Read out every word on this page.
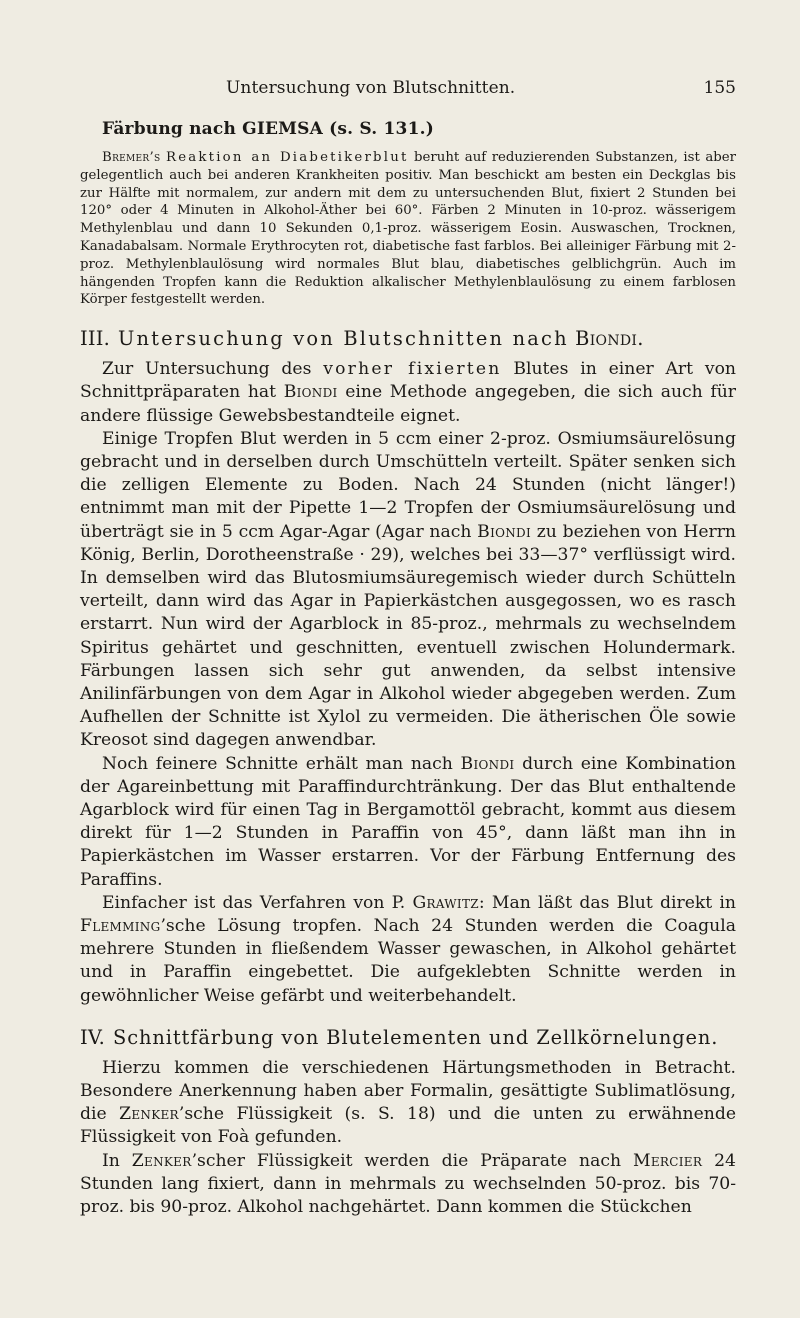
Untersuchung von Blutschnitten.	155
Färbung nach GIEMSA (s. S. 131.)

Bremer’s Reaktion an Diabetikerblut beruht auf reduzierenden Substanzen, ist aber gelegentlich auch bei anderen Krankheiten positiv. Man beschickt am besten ein Deckglas bis zur Hälfte mit normalem, zur andern mit dem zu untersuchenden Blut, fixiert 2 Stunden bei 120° oder 4 Minuten in Alkohol-Äther bei 60°. Färben 2 Minuten in 10-proz. wässerigem Methylenblau und dann 10 Sekunden 0,1-proz. wässerigem Eosin. Auswaschen, Trocknen, Kanadabalsam. Normale Erythrocyten rot, diabetische fast farblos. Bei alleiniger Färbung mit 2-proz. Methylenblaulösung wird normales Blut blau, diabetisches gelblichgrün. Auch im hängenden Tropfen kann die Reduktion alkalischer Methylenblaulösung zu einem farblosen Körper festgestellt werden.

III. Untersuchung von Blutschnitten nach Biondi.

Zur Untersuchung des vorher fixierten Blutes in einer Art von Schnittpräparaten hat Biondi eine Methode angegeben, die sich auch für andere flüssige Gewebsbestandteile eignet.

Einige Tropfen Blut werden in 5 ccm einer 2-proz. Osmiumsäurelösung gebracht und in derselben durch Umschütteln verteilt. Später senken sich die zelligen Elemente zu Boden. Nach 24 Stunden (nicht länger!) entnimmt man mit der Pipette 1—2 Tropfen der Osmiumsäurelösung und überträgt sie in 5 ccm Agar-Agar (Agar nach Biondi zu beziehen von Herrn König, Berlin, Dorotheenstraße · 29), welches bei 33—37° verflüssigt wird. In demselben wird das Blutosmiumsäuregemisch wieder durch Schütteln verteilt, dann wird das Agar in Papierkästchen ausgegossen, wo es rasch erstarrt. Nun wird der Agarblock in 85-proz., mehrmals zu wechselndem Spiritus gehärtet und geschnitten, eventuell zwischen Holundermark. Färbungen lassen sich sehr gut anwenden, da selbst intensive Anilinfärbungen von dem Agar in Alkohol wieder abgegeben werden. Zum Aufhellen der Schnitte ist Xylol zu vermeiden. Die ätherischen Öle sowie Kreosot sind dagegen anwendbar.

Noch feinere Schnitte erhält man nach Biondi durch eine Kombination der Agareinbettung mit Paraffindurchtränkung. Der das Blut enthaltende Agarblock wird für einen Tag in Bergamottöl gebracht, kommt aus diesem direkt für 1—2 Stunden in Paraffin von 45°, dann läßt man ihn in Papierkästchen im Wasser erstarren. Vor der Färbung Entfernung des Paraffins.

Einfacher ist das Verfahren von P. Grawitz: Man läßt das Blut direkt in Flemming’sche Lösung tropfen. Nach 24 Stunden werden die Coagula mehrere Stunden in fließendem Wasser gewaschen, in Alkohol gehärtet und in Paraffin eingebettet. Die aufgeklebten Schnitte werden in gewöhnlicher Weise gefärbt und weiterbehandelt.

IV. Schnittfärbung von Blutelementen und Zellkörnelungen.

Hierzu kommen die verschiedenen Härtungsmethoden in Betracht. Besondere Anerkennung haben aber Formalin, gesättigte Sublimatlösung, die Zenker’sche Flüssigkeit (s. S. 18) und die unten zu erwähnende Flüssigkeit von Foà gefunden.

In Zenker’scher Flüssigkeit werden die Präparate nach Mercier 24 Stunden lang fixiert, dann in mehrmals zu wechselnden 50-proz. bis 70-proz. bis 90-proz. Alkohol nachgehärtet. Dann kommen die Stückchen
